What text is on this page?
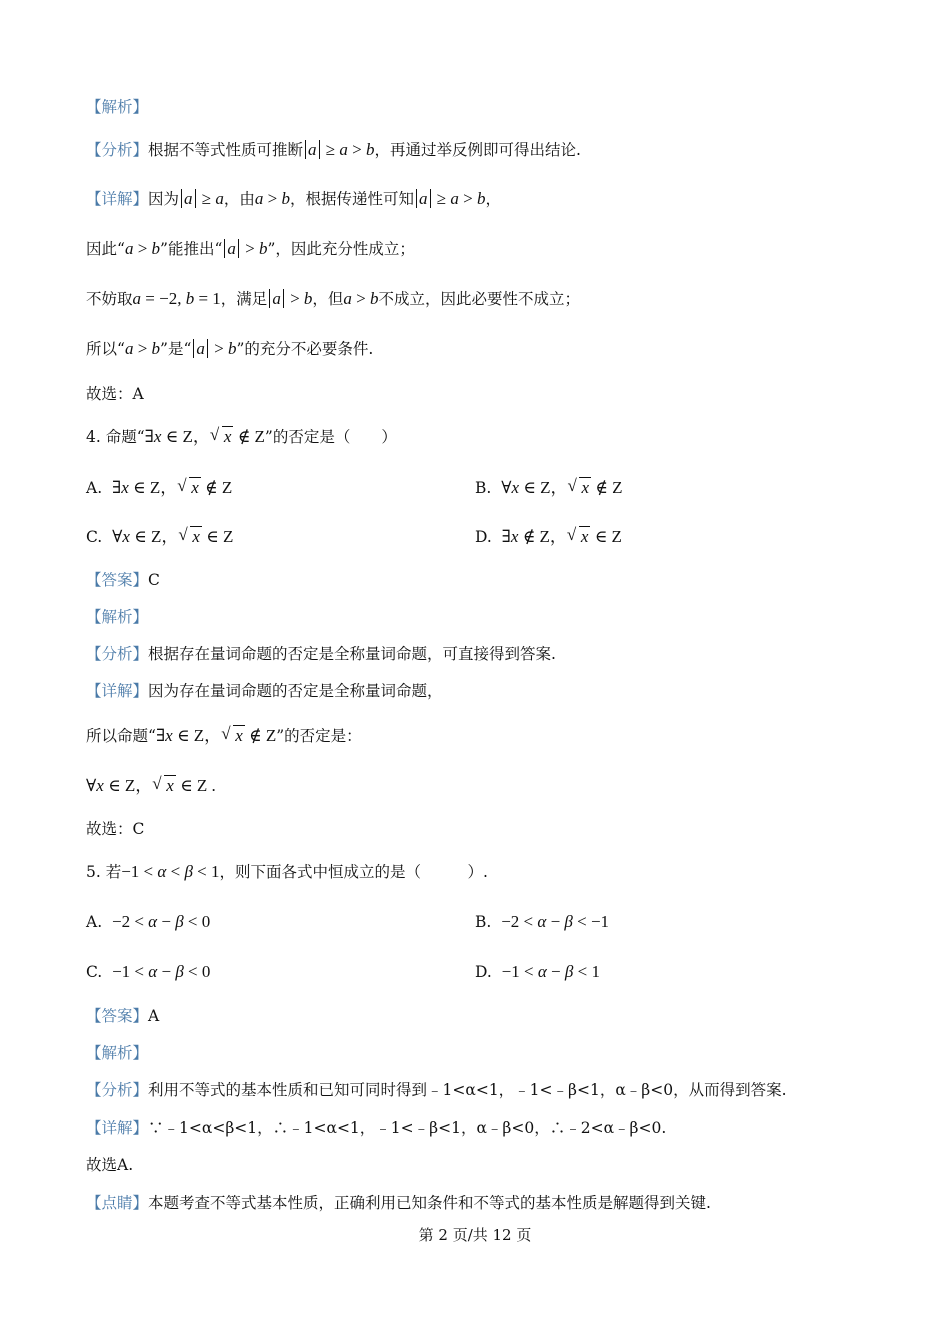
【解析】
【分析】根据不等式性质可推断 a ≥ a > b，再通过举反例即可得出结论.
【详解】因为 a ≥ a，由a > b，根据传递性可知 a ≥ a > b，
因此“a > b”能推出“ a > b”，因此充分性成立；
不妨取a = −2, b = 1，满足 a > b，但a > b不成立，因此必要性不成立；
所以“a > b”是“ a > b”的充分不必要条件.
故选：A
4. 命题“∃x ∈ Z， √ x ∉ Z”的否定是（　　）
A. ∃x ∈ Z， √ x ∉ Z	B. ∀x ∈ Z， √ x ∉ Z
C. ∀x ∈ Z， √ x ∈ Z	D. ∃x ∉ Z， √ x ∈ Z
【答案】C
【解析】
【分析】根据存在量词命题的否定是全称量词命题，可直接得到答案.
【详解】因为存在量词命题的否定是全称量词命题，
所以命题“∃x ∈ Z， √ x ∉ Z”的否定是：
∀x ∈ Z， √ x ∈ Z .
故选：C
5. 若−1 < α < β < 1，则下面各式中恒成立的是（　　　）.
A. −2 < α − β < 0	B. −2 < α − β < −1
C. −1 < α − β < 0	D. −1 < α − β < 1
【答案】A
【解析】
【分析】利用不等式的基本性质和已知可同时得到﹣1<α<1，﹣1<﹣β<1，α﹣β<0，从而得到答案.
【详解】∵﹣1<α<β<1，∴﹣1<α<1，﹣1<﹣β<1，α﹣β<0，∴﹣2<α﹣β<0.
故选A.
【点睛】本题考查不等式基本性质，正确利用已知条件和不等式的基本性质是解题得到关键.
第 2 页/共 12 页
